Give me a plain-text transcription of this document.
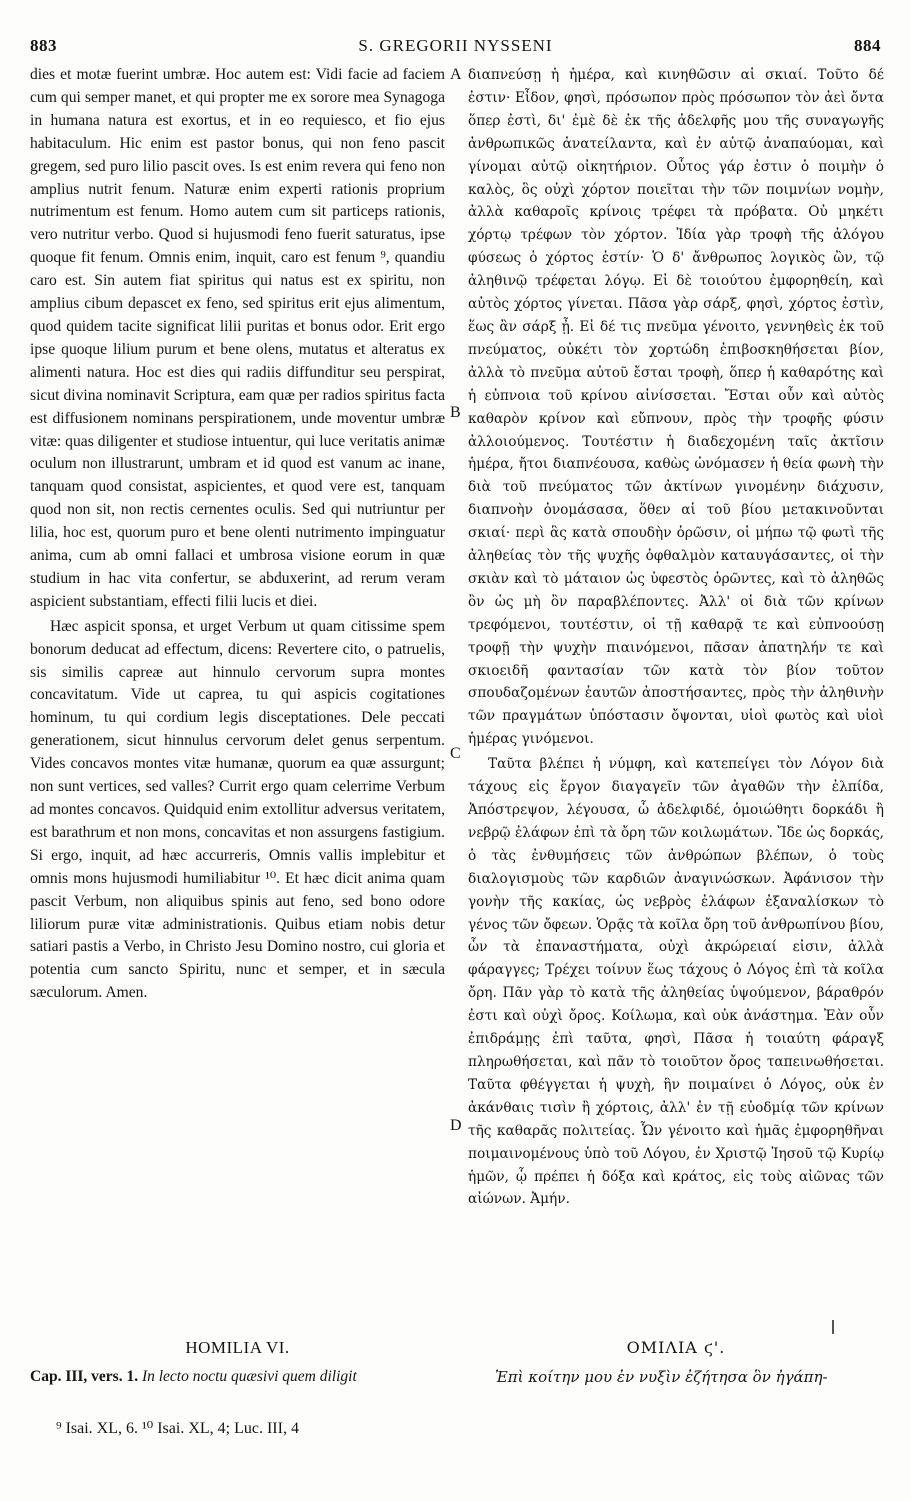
883	S. GREGORII NYSSENI	884

dies et motæ fuerint umbræ. Hoc autem est: Vidi facie ad faciem cum qui semper manet, et qui propter me ex sorore mea Synagoga in humana natura est exortus, et in eo requiesco, et fio ejus habitaculum. Hic enim est pastor bonus, qui non feno pascit gregem, sed puro lilio pascit oves. Is est enim revera qui feno non amplius nutrit fenum. Naturæ enim experti rationis proprium nutrimentum est fenum. Homo autem cum sit particeps rationis, vero nutritur verbo. Quod si hujusmodi feno fuerit saturatus, ipse quoque fit fenum. Omnis enim, inquit, caro est fenum ⁹, quandiu caro est. Sin autem fiat spiritus qui natus est ex spiritu, non amplius cibum depascet ex feno, sed spiritus erit ejus alimentum, quod quidem tacite significat lilii puritas et bonus odor. Erit ergo ipse quoque lilium purum et bene olens, mutatus et alteratus ex alimenti natura. Hoc est dies qui radiis diffunditur seu perspirat, sicut divina nominavit Scriptura, eam quæ per radios spiritus facta est diffusionem nominans perspirationem, unde moventur umbræ vitæ: quas diligenter et studiose intuentur, qui luce veritatis animæ oculum non illustrarunt, umbram et id quod est vanum ac inane, tanquam quod consistat, aspicientes, et quod vere est, tanquam quod non sit, non rectis cernentes oculis. Sed qui nutriuntur per lilia, hoc est, quorum puro et bene olenti nutrimento impinguatur anima, cum ab omni fallaci et umbrosa visione eorum in quæ studium in hac vita confertur, se abduxerint, ad rerum veram aspicient substantiam, effecti filii lucis et diei.

Hæc aspicit sponsa, et urget Verbum ut quam citissime spem bonorum deducat ad effectum, dicens: Revertere cito, o patruelis, sis similis capreæ aut hinnulo cervorum supra montes concavitatum. Vide ut caprea, tu qui aspicis cogitationes hominum, tu qui cordium legis disceptationes. Dele peccati generationem, sicut hinnulus cervorum delet genus serpentum. Vides concavos montes vitæ humanæ, quorum ea quæ assurgunt; non sunt vertices, sed valles? Currit ergo quam celerrime Verbum ad montes concavos. Quidquid enim extollitur adversus veritatem, est barathrum et non mons, concavitas et non assurgens fastigium. Si ergo, inquit, ad hæc accurreris, Omnis vallis implebitur et omnis mons hujusmodi humiliabitur ¹⁰. Et hæc dicit anima quam pascit Verbum, non aliquibus spinis aut feno, sed bono odore liliorum puræ vitæ administrationis. Quibus etiam nobis detur satiari pastis a Verbo, in Christo Jesu Domino nostro, cui gloria et potentia cum sancto Spiritu, nunc et semper, et in sæcula sæculorum. Amen.

A
B
C
D

διαπνεύσῃ ἡ ἡμέρα, καὶ κινηθῶσιν αἱ σκιαί. Τοῦτο δέ ἐστιν· Εἶδον, φησὶ, πρόσωπον πρὸς πρόσωπον τὸν ἀεὶ ὄντα ὅπερ ἐστὶ, δι' ἐμὲ δὲ ἐκ τῆς ἀδελφῆς μου τῆς συναγωγῆς ἀνθρωπικῶς ἀνατείλαντα, καὶ ἐν αὐτῷ ἀναπαύομαι, καὶ γίνομαι αὐτῷ οἰκητήριον. Οὗτος γάρ ἐστιν ὁ ποιμὴν ὁ καλὸς, ὃς οὐχὶ χόρτον ποιεῖται τὴν τῶν ποιμνίων νομὴν, ἀλλὰ καθαροῖς κρίνοις τρέφει τὰ πρόβατα. Οὐ μηκέτι χόρτῳ τρέφων τὸν χόρτον. Ἰδία γὰρ τροφὴ τῆς ἀλόγου φύσεως ὁ χόρτος ἐστίν· Ὁ δ' ἄνθρωπος λογικὸς ὢν, τῷ ἀληθινῷ τρέφεται λόγῳ. Εἰ δὲ τοιούτου ἐμφορηθείη, καὶ αὐτὸς χόρτος γίνεται. Πᾶσα γὰρ σάρξ, φησὶ, χόρτος ἐστὶν, ἕως ἂν σάρξ ᾖ. Εἰ δέ τις πνεῦμα γένοιτο, γεννηθεὶς ἐκ τοῦ πνεύματος, οὐκέτι τὸν χορτώδη ἐπιβοσκηθήσεται βίον, ἀλλὰ τὸ πνεῦμα αὐτοῦ ἔσται τροφὴ, ὅπερ ἡ καθαρότης καὶ ἡ εὐπνοια τοῦ κρίνου αἰνίσσεται. Ἔσται οὖν καὶ αὐτὸς καθαρὸν κρίνον καὶ εὔπνουν, πρὸς τὴν τροφῆς φύσιν ἀλλοιούμενος. Τουτέστιν ἡ διαδεχομένη ταῖς ἀκτῖσιν ἡμέρα, ἤτοι διαπνέουσα, καθὼς ὠνόμασεν ἡ θεία φωνὴ τὴν διὰ τοῦ πνεύματος τῶν ἀκτίνων γινομένην διάχυσιν, διαπνοὴν ὀνομάσασα, ὅθεν αἱ τοῦ βίου μετακινοῦνται σκιαί· περὶ ἃς κατὰ σπουδὴν ὁρῶσιν, οἱ μήπω τῷ φωτὶ τῆς ἀληθείας τὸν τῆς ψυχῆς ὀφθαλμὸν καταυγάσαντες, οἱ τὴν σκιὰν καὶ τὸ μάταιον ὡς ὑφεστὸς ὁρῶντες, καὶ τὸ ἀληθῶς ὂν ὡς μὴ ὂν παραβλέποντες. Ἀλλ' οἱ διὰ τῶν κρίνων τρεφόμενοι, τουτέστιν, οἱ τῇ καθαρᾷ τε καὶ εὐπνοούσῃ τροφῇ τὴν ψυχὴν πιαινόμενοι, πᾶσαν ἀπατηλήν τε καὶ σκιοειδῆ φαντασίαν τῶν κατὰ τὸν βίον τοῦτον σπουδαζομένων ἑαυτῶν ἀποστήσαντες, πρὸς τὴν ἀληθινὴν τῶν πραγμάτων ὑπόστασιν ὄψονται, υἱοὶ φωτὸς καὶ υἱοὶ ἡμέρας γινόμενοι.

Ταῦτα βλέπει ἡ νύμφη, καὶ κατεπείγει τὸν Λόγον διὰ τάχους εἰς ἔργον διαγαγεῖν τῶν ἀγαθῶν τὴν ἐλπίδα, Ἀπόστρεψον, λέγουσα, ὦ ἀδελφιδέ, ὁμοιώθητι δορκάδι ἢ νεβρῷ ἐλάφων ἐπὶ τὰ ὄρη τῶν κοιλωμάτων. Ἴδε ὡς δορκάς, ὁ τὰς ἐνθυμήσεις τῶν ἀνθρώπων βλέπων, ὁ τοὺς διαλογισμοὺς τῶν καρδιῶν ἀναγινώσκων. Ἀφάνισον τὴν γονὴν τῆς κακίας, ὡς νεβρὸς ἐλάφων ἐξαναλίσκων τὸ γένος τῶν ὄφεων. Ὁρᾷς τὰ κοῖλα ὄρη τοῦ ἀνθρωπίνου βίου, ὧν τὰ ἐπαναστήματα, οὐχὶ ἀκρώρειαί εἰσιν, ἀλλὰ φάραγγες; Τρέχει τοίνυν ἕως τάχους ὁ Λόγος ἐπὶ τὰ κοῖλα ὄρη. Πᾶν γὰρ τὸ κατὰ τῆς ἀληθείας ὑψούμενον, βάραθρόν ἐστι καὶ οὐχὶ ὄρος. Κοίλωμα, καὶ οὐκ ἀνάστημα. Ἐὰν οὖν ἐπιδράμῃς ἐπὶ ταῦτα, φησὶ, Πᾶσα ἡ τοιαύτη φάραγξ πληρωθήσεται, καὶ πᾶν τὸ τοιοῦτον ὄρος ταπεινωθήσεται. Ταῦτα φθέγγεται ἡ ψυχὴ, ἣν ποιμαίνει ὁ Λόγος, οὐκ ἐν ἀκάνθαις τισὶν ἢ χόρτοις, ἀλλ' ἐν τῇ εὐοδμίᾳ τῶν κρίνων τῆς καθαρᾶς πολιτείας. Ὧν γένοιτο καὶ ἡμᾶς ἐμφορηθῆναι ποιμαινομένους ὑπὸ τοῦ Λόγου, ἐν Χριστῷ Ἰησοῦ τῷ Κυρίῳ ἡμῶν, ᾧ πρέπει ἡ δόξα καὶ κράτος, εἰς τοὺς αἰῶνας τῶν αἰώνων. Ἀμήν.

HOMILIA VI.	ΟΜΙΛΙΑ ϛ'.
Cap. III, vers. 1. In lecto noctu quæsivi quem diligit	Ἐπὶ κοίτην μου ἐν νυξὶν ἐζήτησα ὃν ἠγάπη-
⁹ Isai. XL, 6. ¹⁰ Isai. XL, 4; Luc. III, 4
